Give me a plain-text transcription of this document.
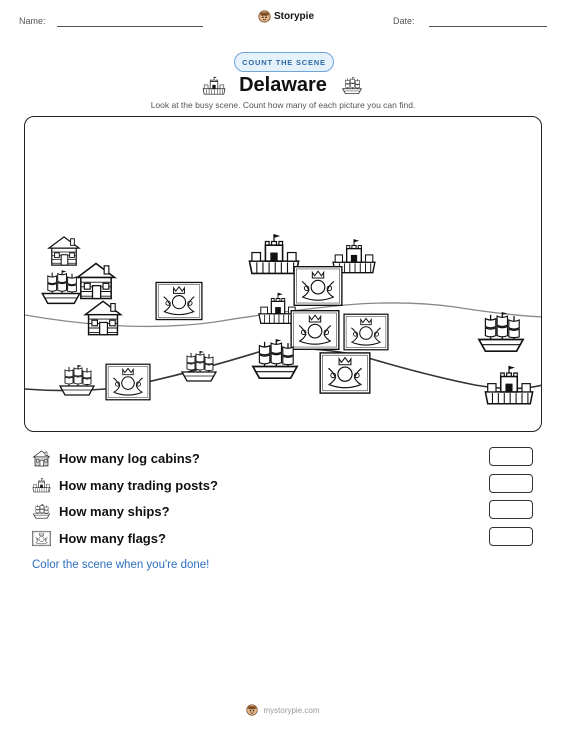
Name:	Storypie	Date:
COUNT THE SCENE
Delaware
Look at the busy scene. Count how many of each picture you can find.
How many log cabins?
How many trading posts?
How many ships?
How many flags?
Color the scene when you're done!
mystorypie.com
